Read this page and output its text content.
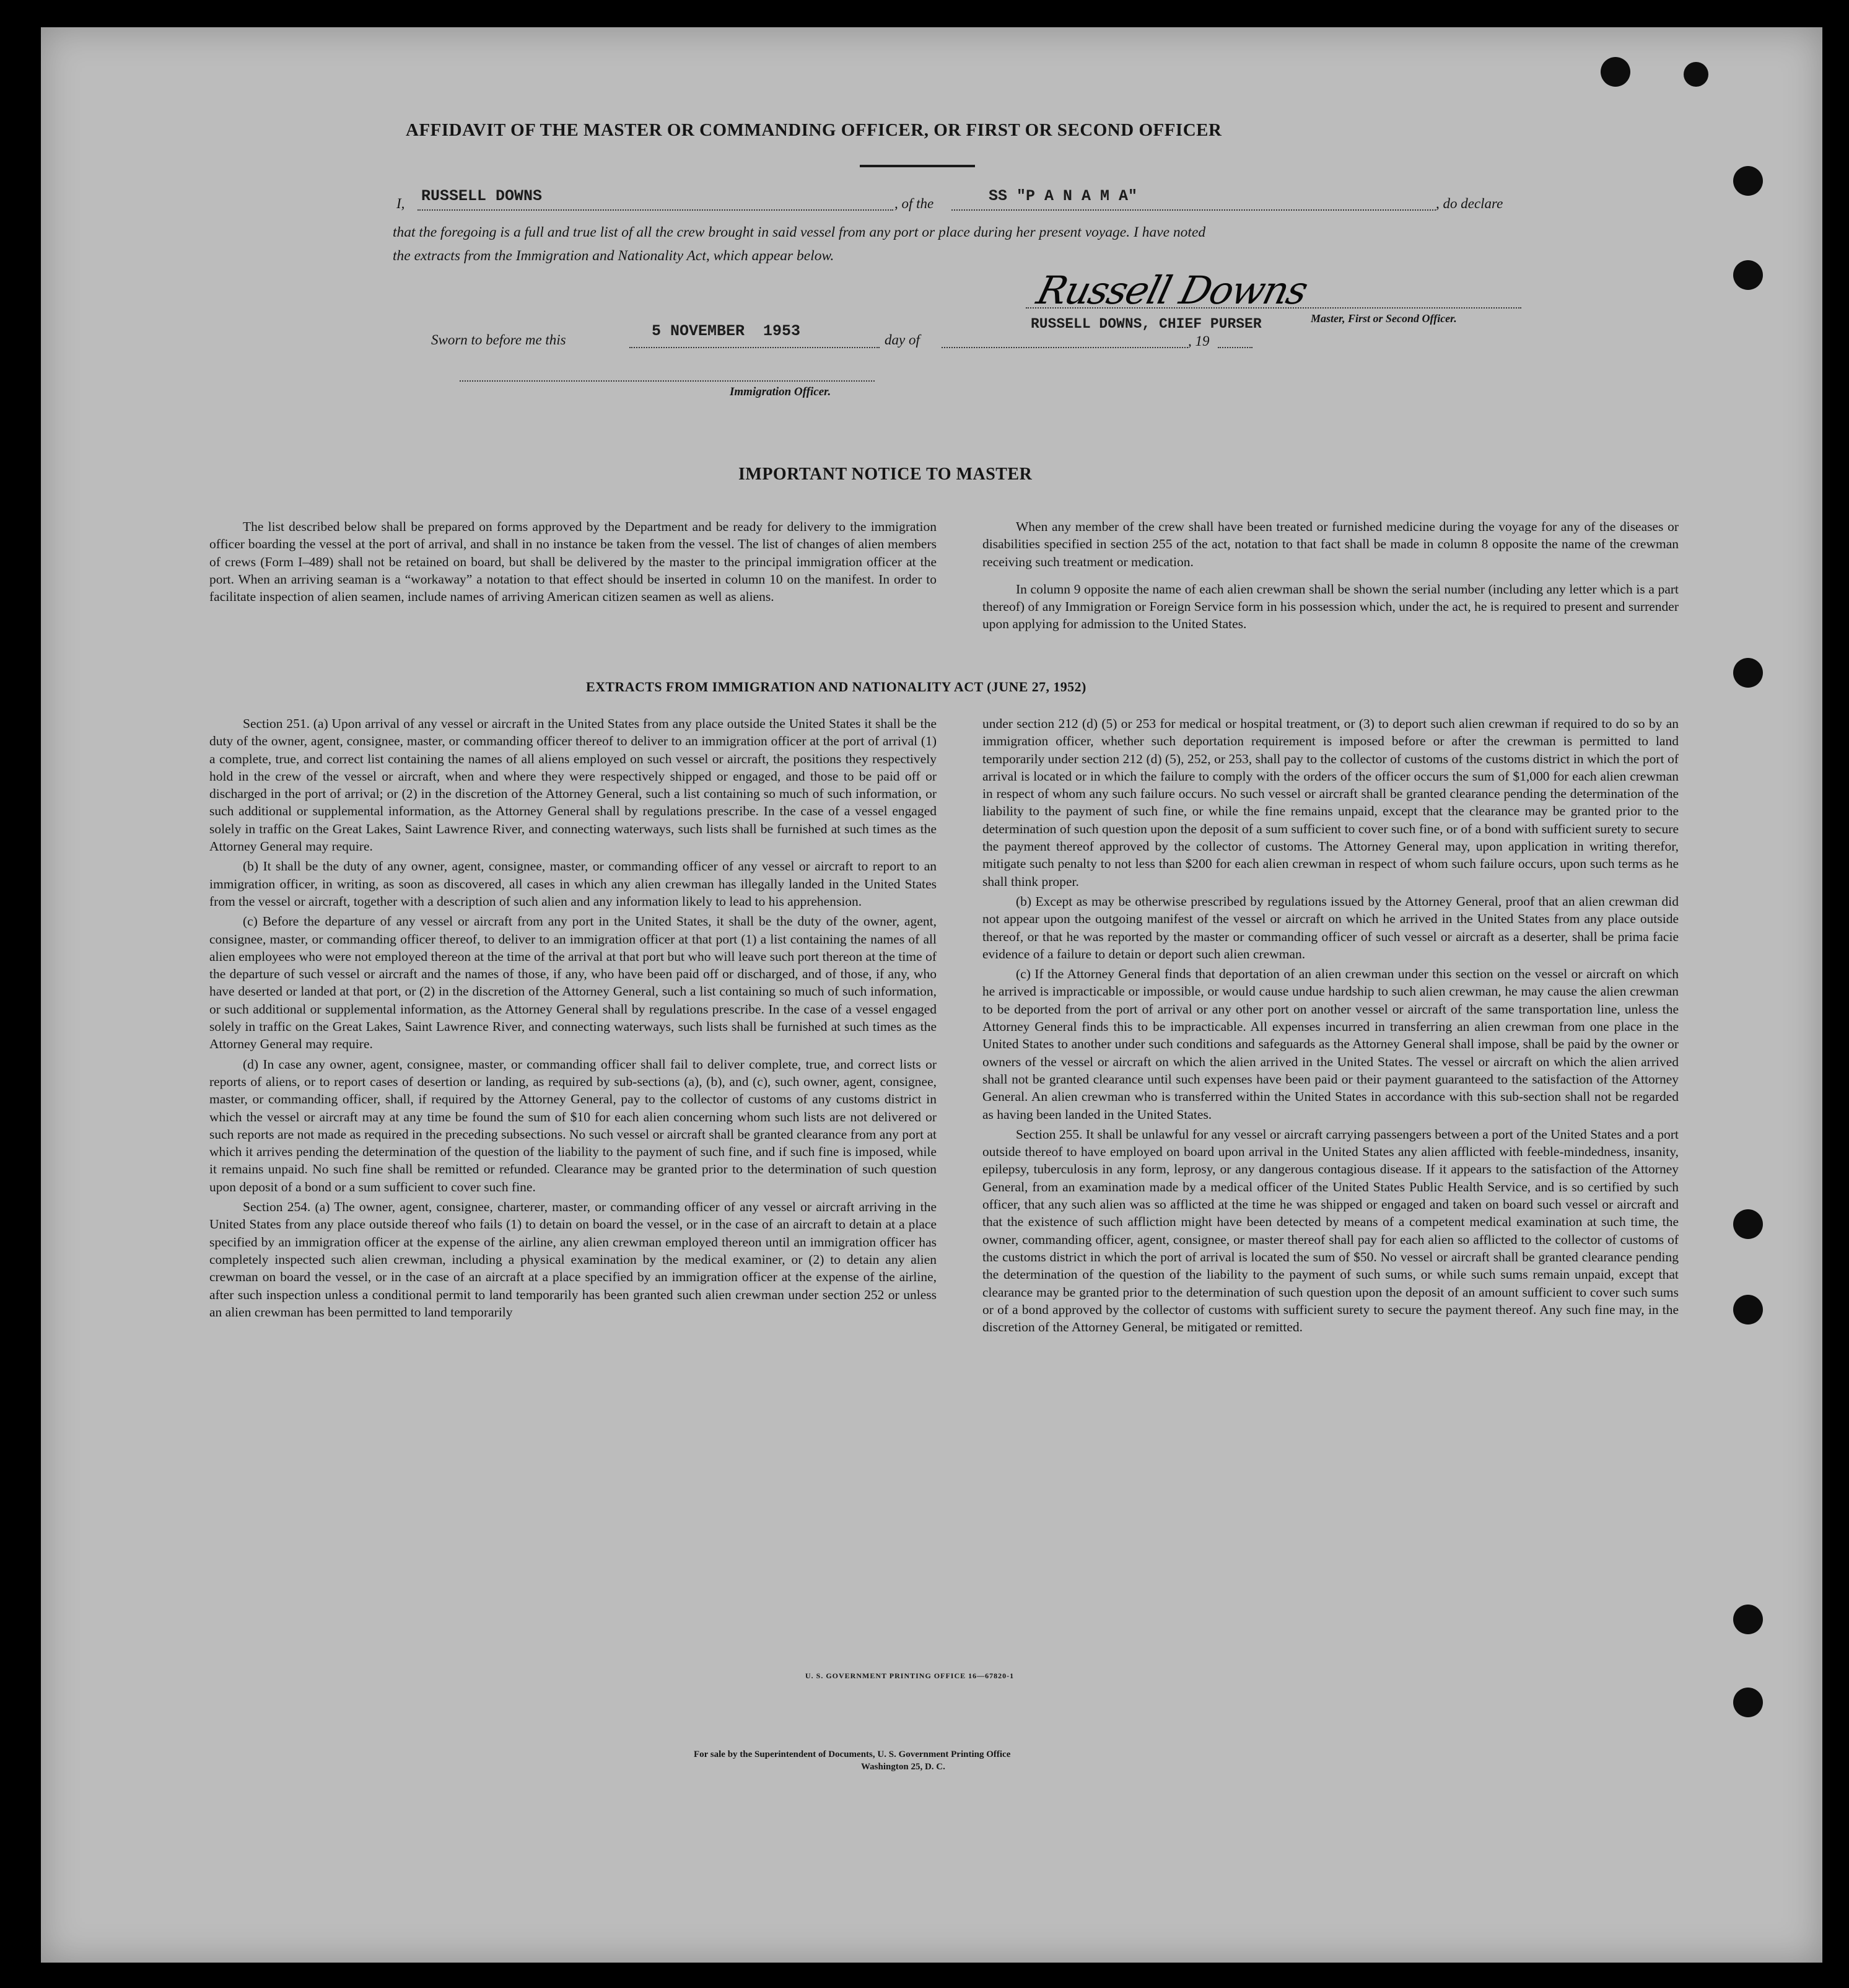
AFFIDAVIT OF THE MASTER OR COMMANDING OFFICER, OR FIRST OR SECOND OFFICER
I, RUSSELL DOWNS	, of the	SS "P A N A M A"	, do declare
that the foregoing is a full and true list of all the crew brought in said vessel from any port or place during her present voyage. I have noted
the extracts from the Immigration and Nationality Act, which appear below.
Russell Downs
Master, First or Second Officer.
Sworn to before me this	5 NOVEMBER  1953	day of
RUSSELL DOWNS, CHIEF PURSER
, 19
Immigration Officer.
IMPORTANT NOTICE TO MASTER

The list described below shall be prepared on forms approved by the Department and be ready for delivery to the immigration officer boarding the vessel at the port of arrival, and shall in no instance be taken from the vessel. The list of changes of alien members of crews (Form I–489) shall not be retained on board, but shall be delivered by the master to the principal immigration officer at the port. When an arriving seaman is a “workaway” a notation to that effect should be inserted in column 10 on the manifest. In order to facilitate inspection of alien seamen, include names of arriving American citizen seamen as well as aliens.

When any member of the crew shall have been treated or furnished medicine during the voyage for any of the diseases or disabilities specified in section 255 of the act, notation to that fact shall be made in column 8 opposite the name of the crewman receiving such treatment or medication.

In column 9 opposite the name of each alien crewman shall be shown the serial number (including any letter which is a part thereof) of any Immigration or Foreign Service form in his possession which, under the act, he is required to present and surrender upon applying for admission to the United States.

EXTRACTS FROM IMMIGRATION AND NATIONALITY ACT (JUNE 27, 1952)

Section 251. (a) Upon arrival of any vessel or aircraft in the United States from any place outside the United States it shall be the duty of the owner, agent, consignee, master, or commanding officer thereof to deliver to an immigration officer at the port of arrival (1) a complete, true, and correct list containing the names of all aliens employed on such vessel or aircraft, the positions they respectively hold in the crew of the vessel or aircraft, when and where they were respectively shipped or engaged, and those to be paid off or discharged in the port of arrival; or (2) in the discretion of the Attorney General, such a list containing so much of such information, or such additional or supplemental information, as the Attorney General shall by regulations prescribe. In the case of a vessel engaged solely in traffic on the Great Lakes, Saint Lawrence River, and connecting waterways, such lists shall be furnished at such times as the Attorney General may require.

(b) It shall be the duty of any owner, agent, consignee, master, or commanding officer of any vessel or aircraft to report to an immigration officer, in writing, as soon as discovered, all cases in which any alien crewman has illegally landed in the United States from the vessel or aircraft, together with a description of such alien and any information likely to lead to his apprehension.

(c) Before the departure of any vessel or aircraft from any port in the United States, it shall be the duty of the owner, agent, consignee, master, or commanding officer thereof, to deliver to an immigration officer at that port (1) a list containing the names of all alien employees who were not employed thereon at the time of the arrival at that port but who will leave such port thereon at the time of the departure of such vessel or aircraft and the names of those, if any, who have been paid off or discharged, and of those, if any, who have deserted or landed at that port, or (2) in the discretion of the Attorney General, such a list containing so much of such information, or such additional or supplemental information, as the Attorney General shall by regulations prescribe. In the case of a vessel engaged solely in traffic on the Great Lakes, Saint Lawrence River, and connecting waterways, such lists shall be furnished at such times as the Attorney General may require.

(d) In case any owner, agent, consignee, master, or commanding officer shall fail to deliver complete, true, and correct lists or reports of aliens, or to report cases of desertion or landing, as required by sub-sections (a), (b), and (c), such owner, agent, consignee, master, or commanding officer, shall, if required by the Attorney General, pay to the collector of customs of any customs district in which the vessel or aircraft may at any time be found the sum of $10 for each alien concerning whom such lists are not delivered or such reports are not made as required in the preceding subsections. No such vessel or aircraft shall be granted clearance from any port at which it arrives pending the determination of the question of the liability to the payment of such fine, and if such fine is imposed, while it remains unpaid. No such fine shall be remitted or refunded. Clearance may be granted prior to the determination of such question upon deposit of a bond or a sum sufficient to cover such fine.

Section 254. (a) The owner, agent, consignee, charterer, master, or commanding officer of any vessel or aircraft arriving in the United States from any place outside thereof who fails (1) to detain on board the vessel, or in the case of an aircraft to detain at a place specified by an immigration officer at the expense of the airline, any alien crewman employed thereon until an immigration officer has completely inspected such alien crewman, including a physical examination by the medical examiner, or (2) to detain any alien crewman on board the vessel, or in the case of an aircraft at a place specified by an immigration officer at the expense of the airline, after such inspection unless a conditional permit to land temporarily has been granted such alien crewman under section 252 or unless an alien crewman has been permitted to land temporarily

under section 212 (d) (5) or 253 for medical or hospital treatment, or (3) to deport such alien crewman if required to do so by an immigration officer, whether such deportation requirement is imposed before or after the crewman is permitted to land temporarily under section 212 (d) (5), 252, or 253, shall pay to the collector of customs of the customs district in which the port of arrival is located or in which the failure to comply with the orders of the officer occurs the sum of $1,000 for each alien crewman in respect of whom any such failure occurs. No such vessel or aircraft shall be granted clearance pending the determination of the liability to the payment of such fine, or while the fine remains unpaid, except that the clearance may be granted prior to the determination of such question upon the deposit of a sum sufficient to cover such fine, or of a bond with sufficient surety to secure the payment thereof approved by the collector of customs. The Attorney General may, upon application in writing therefor, mitigate such penalty to not less than $200 for each alien crewman in respect of whom such failure occurs, upon such terms as he shall think proper.

(b) Except as may be otherwise prescribed by regulations issued by the Attorney General, proof that an alien crewman did not appear upon the outgoing manifest of the vessel or aircraft on which he arrived in the United States from any place outside thereof, or that he was reported by the master or commanding officer of such vessel or aircraft as a deserter, shall be prima facie evidence of a failure to detain or deport such alien crewman.

(c) If the Attorney General finds that deportation of an alien crewman under this section on the vessel or aircraft on which he arrived is impracticable or impossible, or would cause undue hardship to such alien crewman, he may cause the alien crewman to be deported from the port of arrival or any other port on another vessel or aircraft of the same transportation line, unless the Attorney General finds this to be impracticable. All expenses incurred in transferring an alien crewman from one place in the United States to another under such conditions and safeguards as the Attorney General shall impose, shall be paid by the owner or owners of the vessel or aircraft on which the alien arrived in the United States. The vessel or aircraft on which the alien arrived shall not be granted clearance until such expenses have been paid or their payment guaranteed to the satisfaction of the Attorney General. An alien crewman who is transferred within the United States in accordance with this sub-section shall not be regarded as having been landed in the United States.

Section 255. It shall be unlawful for any vessel or aircraft carrying passengers between a port of the United States and a port outside thereof to have employed on board upon arrival in the United States any alien afflicted with feeble-mindedness, insanity, epilepsy, tuberculosis in any form, leprosy, or any dangerous contagious disease. If it appears to the satisfaction of the Attorney General, from an examination made by a medical officer of the United States Public Health Service, and is so certified by such officer, that any such alien was so afflicted at the time he was shipped or engaged and taken on board such vessel or aircraft and that the existence of such affliction might have been detected by means of a competent medical examination at such time, the owner, commanding officer, agent, consignee, or master thereof shall pay for each alien so afflicted to the collector of customs of the customs district in which the port of arrival is located the sum of $50. No vessel or aircraft shall be granted clearance pending the determination of the question of the liability to the payment of such sums, or while such sums remain unpaid, except that clearance may be granted prior to the determination of such question upon the deposit of an amount sufficient to cover such sums or of a bond approved by the collector of customs with sufficient surety to secure the payment thereof. Any such fine may, in the discretion of the Attorney General, be mitigated or remitted.

U. S. GOVERNMENT PRINTING OFFICE 16—67820-1
For sale by the Superintendent of Documents, U. S. Government Printing Office
Washington 25, D. C.
